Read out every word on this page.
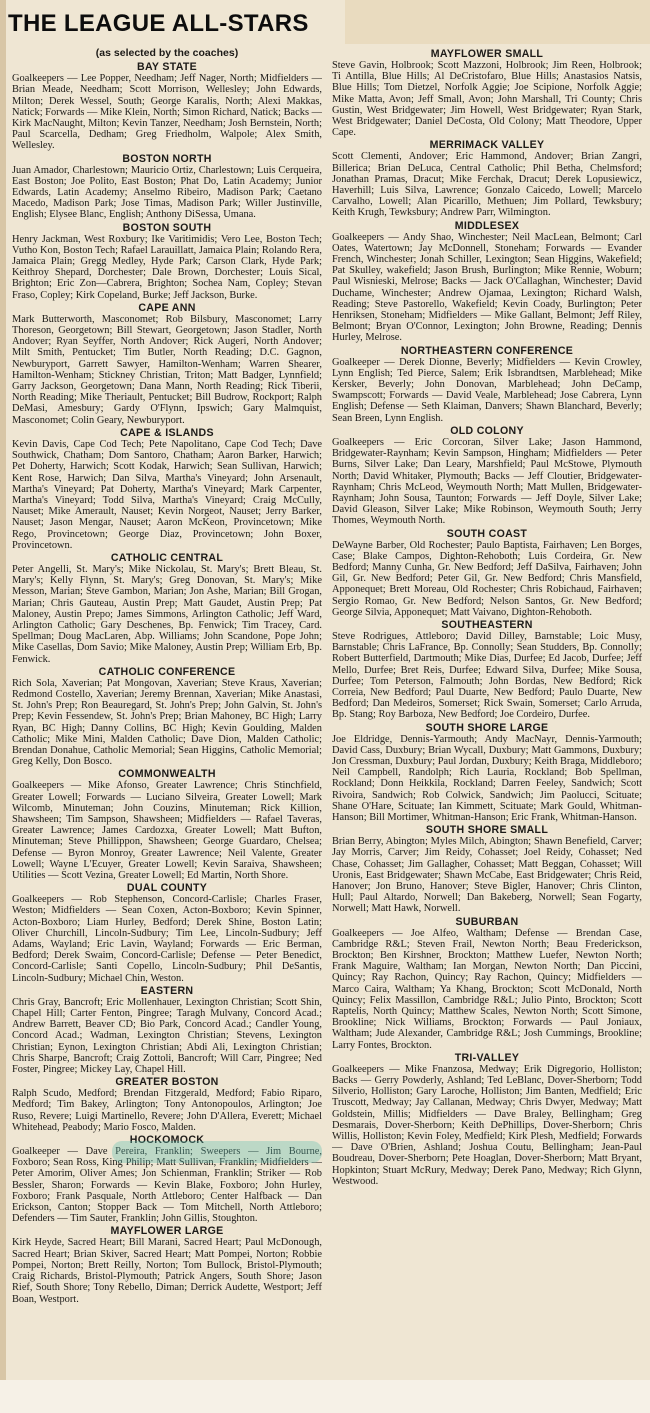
THE LEAGUE ALL-STARS
(as selected by the coaches)
BAY STATE

Goalkeepers — Lee Popper, Needham; Jeff Nager, North; Midfielders — Brian Meade, Needham; Scott Morrison, Wellesley; John Edwards, Milton; Derek Wessel, South; George Karalis, North; Alexi Makkas, Natick; Forwards — Mike Klein, North; Simon Richard, Natick; Backs — Kirk MacNaught, Milton; Kevin Tanzer, Needham; Josh Bernstein, North; Paul Scarcella, Dedham; Greg Friedholm, Walpole; Alex Smith, Wellesley.

BOSTON NORTH

Juan Amador, Charlestown; Mauricio Ortiz, Charlestown; Luis Cerqueira, East Boston; Joe Polito, East Boston; Phat Do, Latin Academy; Junior Edwards, Latin Academy; Anselmo Ribeiro, Madison Park; Caetano Macedo, Madison Park; Jose Timas, Madison Park; Willer Justinville, English; Elysee Blanc, English; Anthony DiSessa, Umana.

BOSTON SOUTH

Henry Jackman, West Roxbury; Ike Varitimidis; Vero Lee, Boston Tech; Vutho Kon, Boston Tech; Rafael Larauillatt, Jamaica Plain; Rolando Rera, Jamaica Plain; Gregg Medley, Hyde Park; Carson Clark, Hyde Park; Keithroy Shepard, Dorchester; Dale Brown, Dorchester; Louis Sical, Brighton; Eric Zon—Cabrera, Brighton; Sochea Nam, Copley; Stevan Fraso, Copley; Kirk Copeland, Burke; Jeff Jackson, Burke.

CAPE ANN

Mark Butterworth, Masconomet; Rob Bilsbury, Masconomet; Larry Thoreson, Georgetown; Bill Stewart, Georgetown; Jason Stadler, North Andover; Ryan Seyffer, North Andover; Rick Augeri, North Andover; Milt Smith, Pentucket; Tim Butler, North Reading; D.C. Gagnon, Newburyport, Garrett Sawyer, Hamilton-Wenham; Warren Shearer, Hamilton-Wenham; Stickney Christian, Triton; Matt Badger, Lynnfield; Garry Jackson, Georgetown; Dana Mann, North Reading; Rick Tiberii, North Reading; Mike Theriault, Pentucket; Bill Budrow, Rockport; Ralph DeMasi, Amesbury; Gardy O'Flynn, Ipswich; Gary Malmquist, Masconomet; Colin Geary, Newburyport.

CAPE & ISLANDS

Kevin Davis, Cape Cod Tech; Pete Napolitano, Cape Cod Tech; Dave Southwick, Chatham; Dom Santoro, Chatham; Aaron Barker, Harwich; Pet Doherty, Harwich; Scott Kodak, Harwich; Sean Sullivan, Harwich; Kent Rose, Harwich; Dan Silva, Martha's Vineyard; John Arsenault, Martha's Vineyard; Pat Doherty, Martha's Vineyard; Mark Carpenter, Martha's Vineyard; Todd Silva, Martha's Vineyard; Craig McCully, Nauset; Mike Amerault, Nauset; Kevin Norgeot, Nauset; Jerry Barker, Nauset; Jason Mengar, Nauset; Aaron McKeon, Provincetown; Mike Rego, Provincetown; George Diaz, Provincetown; John Boxer, Provincetown.

CATHOLIC CENTRAL

Peter Angelli, St. Mary's; Mike Nickolau, St. Mary's; Brett Bleau, St. Mary's; Kelly Flynn, St. Mary's; Greg Donovan, St. Mary's; Mike Messon, Marian; Steve Gambon, Marian; Jon Ashe, Marian; Bill Grogan, Marian; Chris Gauteau, Austin Prep; Matt Gaudet, Austin Prep; Pat Maloney, Austin Prepo; James Simmons, Arlington Catholic; Jeff Ward, Arlington Catholic; Gary Deschenes, Bp. Fenwick; Tim Tracey, Card. Spellman; Doug MacLaren, Abp. Williams; John Scandone, Pope John; Mike Casellas, Dom Savio; Mike Maloney, Austin Prep; William Erb, Bp. Fenwick.

CATHOLIC CONFERENCE

Rich Sola, Xaverian; Pat Mongovan, Xaverian; Steve Kraus, Xaverian; Redmond Costello, Xaverian; Jeremy Brennan, Xaverian; Mike Anastasi, St. John's Prep; Ron Beauregard, St. John's Prep; John Galvin, St. John's Prep; Kevin Fessendew, St. John's Prep; Brian Mahoney, BC High; Larry Ryan, BC High; Danny Collins, BC High; Kevin Goulding, Malden Catholic; Mike Mini, Malden Catholic; Dave Dion, Malden Catholic; Brendan Donahue, Catholic Memorial; Sean Higgins, Catholic Memorial; Greg Kelly, Don Bosco.

COMMONWEALTH

Goalkeepers — Mike Afonso, Greater Lawrence; Chris Stinchfield, Greater Lowell; Forwards — Luciano Silveira, Greater Lowell; Mark Wilcomb, Minuteman; John Couzins, Minuteman; Rick Killion, Shawsheen; Tim Sampson, Shawsheen; Midfielders — Rafael Taveras, Greater Lawrence; James Cardozxa, Greater Lowell; Matt Bufton, Minuteman; Steve Phillippon, Shawsheen; George Guardaro, Chelsea; Defense — Byron Monroy, Greater Lawrence; Neil Valente, Greater Lowell; Wayne L'Ecuyer, Greater Lowell; Kevin Saraiva, Shawsheen; Utilities — Scott Vezina, Greater Lowell; Ed Martin, North Shore.

DUAL COUNTY

Goalkeepers — Rob Stephenson, Concord-Carlisle; Charles Fraser, Weston; Midfielders — Sean Coxen, Acton-Boxboro; Kevin Spinner, Acton-Boxboro; Liam Hurley, Bedford; Derek Shine, Boston Latin; Oliver Churchill, Lincoln-Sudbury; Tim Lee, Lincoln-Sudbury; Jeff Adams, Wayland; Eric Lavin, Wayland; Forwards — Eric Berman, Bedford; Derek Swaim, Concord-Carlisle; Defense — Peter Benedict, Concord-Carlisle; Santi Copello, Lincoln-Sudbury; Phil DeSantis, Lincoln-Sudbury; Michael Chin, Weston.

EASTERN

Chris Gray, Bancroft; Eric Mollenhauer, Lexington Christian; Scott Shin, Chapel Hill; Carter Fenton, Pingree; Taragh Mulvany, Concord Acad.; Andrew Barrett, Beaver CD; Bio Park, Concord Acad.; Candler Young, Concord Acad.; Wadman, Lexington Christian; Stevens, Lexington Christian; Eynon, Lexington Christian; Abdi Ali, Lexington Christian; Chris Sharpe, Bancroft; Craig Zottoli, Bancroft; Will Carr, Pingree; Ned Foster, Pingree; Mickey Lay, Chapel Hill.

GREATER BOSTON

Ralph Scudo, Medford; Brendan Fitzgerald, Medford; Fabio Riparo, Medford; Tim Bakey, Arlington; Tony Antonopoulos, Arlington; Joe Ruso, Revere; Luigi Martinello, Revere; John D'Allera, Everett; Michael Whitehead, Peabody; Mario Fosco, Malden.

HOCKOMOCK

Goalkeeper — Dave Pereira, Franklin; Sweepers — Jim Bourne, Foxboro; Sean Ross, King Philip; Matt Sullivan, Franklin; Midfielders — Peter Amorim, Oliver Ames; Jon Schienman, Franklin; Striker — Rob Bessler, Sharon; Forwards — Kevin Blake, Foxboro; John Hurley, Foxboro; Frank Pasquale, North Attleboro; Center Halfback — Dan Erickson, Canton; Stopper Back — Tom Mitchell, North Attleboro; Defenders — Tim Sauter, Franklin; John Gillis, Stoughton.

MAYFLOWER LARGE

Kirk Heyde, Sacred Heart; Bill Marani, Sacred Heart; Paul McDonough, Sacred Heart; Brian Skiver, Sacred Heart; Matt Pompei, Norton; Robbie Pompei, Norton; Brett Reilly, Norton; Tom Bullock, Bristol-Plymouth; Craig Richards, Bristol-Plymouth; Patrick Angers, South Shore; Jason Rief, South Shore; Tony Rebello, Diman; Derrick Audette, Westport; Jeff Boan, Westport.

MAYFLOWER SMALL

Steve Gavin, Holbrook; Scott Mazzoni, Holbrook; Jim Reen, Holbrook; Ti Antilla, Blue Hills; Al DeCristofaro, Blue Hills; Anastasios Natsis, Blue Hills; Tom Dietzel, Norfolk Aggie; Joe Scipione, Norfolk Aggie; Mike Matta, Avon; Jeff Small, Avon; John Marshall, Tri County; Chris Gustin, West Bridgewater; Jim Howell, West Bridgewater; Ryan Stark, West Bridgewater; Daniel DeCosta, Old Colony; Matt Theodore, Upper Cape.

MERRIMACK VALLEY

Scott Clementi, Andover; Eric Hammond, Andover; Brian Zangri, Billerica; Brian DeLuca, Central Catholic; Phil Betha, Chelmsford; Jonathan Pramas, Dracut; Mike Ferchak, Dracut; Derek Lopusiewicz, Haverhill; Luis Silva, Lawrence; Gonzalo Caicedo, Lowell; Marcelo Carvalho, Lowell; Alan Picarillo, Methuen; Jim Pollard, Tewksbury; Keith Krugh, Tewksbury; Andrew Parr, Wilmington.

MIDDLESEX

Goalkeepers — Andy Shao, Winchester; Neil MacLean, Belmont; Carl Oates, Watertown; Jay McDonnell, Stoneham; Forwards — Evander French, Winchester; Jonah Schiller, Lexington; Sean Higgins, Wakefield; Pat Skulley, wakefield; Jason Brush, Burlington; Mike Rennie, Woburn; Paul Wisnieski, Melrose; Backs — Jack O'Callaghan, Winchester; David Duchame, Winchester; Andrew Ojamaa, Lexington; Richard Walsh, Reading; Steve Pastorello, Wakefield; Kevin Coady, Burlington; Peter Henriksen, Stoneham; Midfielders — Mike Gallant, Belmont; Jeff Riley, Belmont; Bryan O'Connor, Lexington; John Browne, Reading; Dennis Hurley, Melrose.

NORTHEASTERN CONFERENCE

Goalkeeper — Derek Dionne, Beverly; Midfielders — Kevin Crowley, Lynn English; Ted Pierce, Salem; Erik Isbrandtsen, Marblehead; Mike Kersker, Beverly; John Donovan, Marblehead; John DeCamp, Swampscott; Forwards — David Veale, Marblehead; Jose Cabrera, Lynn English; Defense — Seth Klaiman, Danvers; Shawn Blanchard, Beverly; Sean Breen, Lynn English.

OLD COLONY

Goalkeepers — Eric Corcoran, Silver Lake; Jason Hammond, Bridgewater-Raynham; Kevin Sampson, Hingham; Midfielders — Peter Burns, Silver Lake; Dan Leary, Marshfield; Paul McStowe, Plymouth North; David Whitaker, Plymouth; Backs — Jeff Cloutier, Bridgewater-Raynham; Chris McLeod, Weymouth North; Matt Mullen, Bridgewater-Raynham; John Sousa, Taunton; Forwards — Jeff Doyle, Silver Lake; David Gleason, Silver Lake; Mike Robinson, Weymouth South; Jerry Thomes, Weymouth North.

SOUTH COAST

DeWayne Barber, Old Rochester; Paulo Baptista, Fairhaven; Len Borges, Case; Blake Campos, Dighton-Rehoboth; Luis Cordeira, Gr. New Bedford; Manny Cunha, Gr. New Bedford; Jeff DaSilva, Fairhaven; John Gil, Gr. New Bedford; Peter Gil, Gr. New Bedford; Chris Mansfield, Apponequet; Brett Moreau, Old Rochester; Chris Robichaud, Fairhaven; Sergio Romao, Gr. New Bedford; Nelson Santos, Gr. New Bedford; George Silvia, Apponequet; Matt Vaivano, Dighton-Rehoboth.

SOUTHEASTERN

Steve Rodrigues, Attleboro; David Dilley, Barnstable; Loic Musy, Barnstable; Chris LaFrance, Bp. Connolly; Sean Studders, Bp. Connolly; Robert Butterfield, Dartmouth; Mike Dias, Durfee; Ed Jacob, Durfee; Jeff Mello, Durfee; Bret Reis, Durfee; Edward Silva, Durfee; Mike Sousa, Durfee; Tom Peterson, Falmouth; John Bordas, New Bedford; Rick Correia, New Bedford; Paul Duarte, New Bedford; Paulo Duarte, New Bedford; Dan Medeiros, Somerset; Rick Swain, Somerset; Carlo Arruda, Bp. Stang; Roy Barboza, New Bedford; Joe Cordeiro, Durfee.

SOUTH SHORE LARGE

Joe Eldridge, Dennis-Yarmouth; Andy MacNayr, Dennis-Yarmouth; David Cass, Duxbury; Brian Wycall, Duxbury; Matt Gammons, Duxbury; Jon Cressman, Duxbury; Paul Jordan, Duxbury; Keith Braga, Middleboro; Neil Campbell, Randolph; Rich Lauria, Rockland; Bob Spellman, Rockland; Donn Heikkila, Rockland; Darren Feeley, Sandwich; Scott Rivoira, Sandwich; Rob Colwick, Sandwich; Jim Paolucci, Scituate; Shane O'Hare, Scituate; Ian Kimmett, Scituate; Mark Gould, Whitman-Hanson; Bill Mortimer, Whitman-Hanson; Eric Frank, Whitman-Hanson.

SOUTH SHORE SMALL

Brian Berry, Abington; Myles Milch, Abington; Shawn Benefield, Carver; Jay Morris, Carver; Jim Reidy, Cohasset; Joel Reidy, Cohasset; Ned Chase, Cohasset; Jim Gallagher, Cohasset; Matt Beggan, Cohasset; Will Uronis, East Bridgewater; Shawn McCabe, East Bridgewater; Chris Reid, Hanover; Jon Bruno, Hanover; Steve Bigler, Hanover; Chris Clinton, Hull; Paul Altardo, Norwell; Dan Bakeberg, Norwell; Sean Fogarty, Norwell; Matt Hawk, Norwell.

SUBURBAN

Goalkeepers — Joe Alfeo, Waltham; Defense — Brendan Case, Cambridge R&L; Steven Frail, Newton North; Beau Frederickson, Brockton; Ben Kirshner, Brockton; Matthew Luefer, Newton North; Frank Maguire, Waltham; Ian Morgan, Newton North; Dan Piccini, Quincy; Ray Rachon, Quincy; Ray Rachon, Quincy; Midfielders — Marco Caira, Waltham; Ya Khang, Brockton; Scott McDonald, North Quincy; Felix Massillon, Cambridge R&L; Julio Pinto, Brockton; Scott Raptelis, North Quincy; Matthew Scales, Newton North; Scott Simone, Brookline; Nick Williams, Brockton; Forwards — Paul Joniaux, Waltham; Jude Alexander, Cambridge R&L; Josh Cummings, Brookline; Larry Fontes, Brockton.

TRI-VALLEY

Goalkeepers — Mike Fnanzosa, Medway; Erik Digregorio, Holliston; Backs — Gerry Powderly, Ashland; Ted LeBlanc, Dover-Sherborn; Todd Silverio, Holliston; Gary Laroche, Holliston; Jim Banten, Medfield; Eric Truscott, Medway; Jay Callanan, Medway; Chris Dwyer, Medway; Matt Goldstein, Millis; Midfielders — Dave Braley, Bellingham; Greg Desmarais, Dover-Sherborn; Keith DePhillips, Dover-Sherborn; Chris Willis, Holliston; Kevin Foley, Medfield; Kirk Plesh, Medfield; Forwards — Dave O'Brien, Ashland; Joshua Coutu, Bellingham; Jean-Paul Boudreau, Dover-Sherborn; Pete Hoaglan, Dover-Sherborn; Matt Bryant, Hopkinton; Stuart McRury, Medway; Derek Pano, Medway; Rich Glynn, Westwood.
